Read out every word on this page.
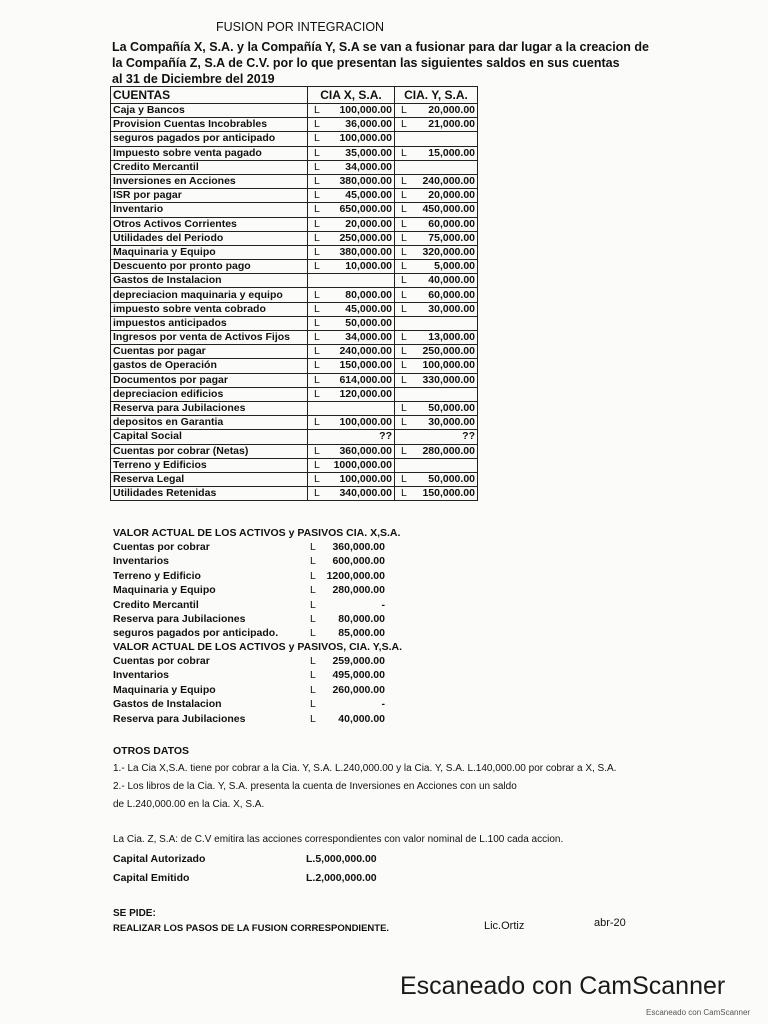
FUSION POR INTEGRACION
La Compañía X, S.A. y la Compañía Y, S.A se van a fusionar para dar lugar a la creacion de
la Compañía Z, S.A de C.V. por lo que presentan las siguientes saldos en sus cuentas
al 31 de Diciembre del 2019
CUENTAS	CIA X, S.A.	CIA. Y, S.A.
Caja y Bancos	L 100,000.00	L 20,000.00
Provision Cuentas Incobrables	L 36,000.00	L 21,000.00
seguros pagados por anticipado	L 100,000.00	
Impuesto sobre venta pagado	L 35,000.00	L 15,000.00
Credito Mercantil	L 34,000.00	
Inversiones en Acciones	L 380,000.00	L 240,000.00
ISR por pagar	L 45,000.00	L 20,000.00
Inventario	L 650,000.00	L 450,000.00
Otros Activos Corrientes	L 20,000.00	L 60,000.00
Utilidades del Periodo	L 250,000.00	L 75,000.00
Maquinaria y Equipo	L 380,000.00	L 320,000.00
Descuento por pronto pago	L 10,000.00	L 5,000.00
Gastos de Instalacion		L 40,000.00
depreciacion maquinaria y equipo	L 80,000.00	L 60,000.00
impuesto sobre venta cobrado	L 45,000.00	L 30,000.00
impuestos anticipados	L 50,000.00	
Ingresos por venta de Activos Fijos	L 34,000.00	L 13,000.00
Cuentas por pagar	L 240,000.00	L 250,000.00
gastos de Operación	L 150,000.00	L 100,000.00
Documentos por pagar	L 614,000.00	L 330,000.00
depreciacion edificios	L 120,000.00	
Reserva para Jubilaciones		L 50,000.00
depositos en Garantia	L 100,000.00	L 30,000.00
Capital Social	??	??
Cuentas por cobrar (Netas)	L 360,000.00	L 280,000.00
Terreno y Edificios	L 1000,000.00	
Reserva Legal	L 100,000.00	L 50,000.00
Utilidades Retenidas	L 340,000.00	L 150,000.00
VALOR ACTUAL DE LOS ACTIVOS y PASIVOS CIA. X,S.A.
Cuentas por cobrar	L 360,000.00
Inventarios	L 600,000.00
Terreno y Edificio	L 1200,000.00
Maquinaria y Equipo	L 280,000.00
Credito Mercantil	L	-
Reserva para Jubilaciones	L 80,000.00
seguros pagados por anticipado.	L 85,000.00
VALOR ACTUAL DE LOS ACTIVOS y PASIVOS, CIA. Y,S.A.
Cuentas por cobrar	L 259,000.00
Inventarios	L 495,000.00
Maquinaria y Equipo	L 260,000.00
Gastos de Instalacion	L	-
Reserva para Jubilaciones	L 40,000.00
OTROS DATOS
1.- La Cia X,S.A. tiene por cobrar a la Cia. Y, S.A. L.240,000.00 y la Cia. Y, S.A. L.140,000.00 por cobrar a X, S.A.
2.- Los libros de la Cia. Y, S.A. presenta la cuenta de Inversiones en Acciones con un saldo
de L.240,000.00 en la Cia. X, S.A.
La Cia. Z, S.A: de C.V emitira las acciones correspondientes con valor nominal de L.100 cada accion.
Capital Autorizado	L.5,000,000.00
Capital Emitido	L.2,000,000.00
SE PIDE:
REALIZAR LOS PASOS DE LA FUSION CORRESPONDIENTE.	Lic.Ortiz	abr-20
Escaneado con CamScanner
Escaneado con CamScanner
